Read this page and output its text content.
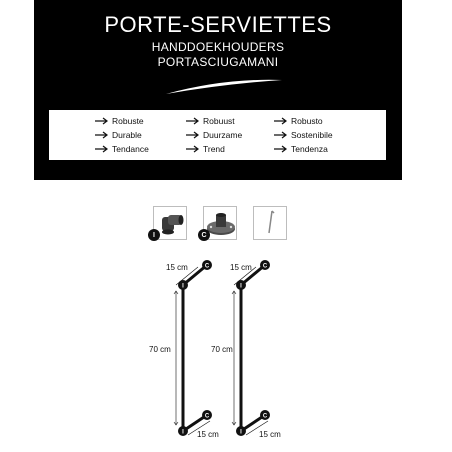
PORTE-SERVIETTES
HANDDOEKHOUDERS
PORTASCIUGAMANI
Robuste
Durable
Tendance
Robuust
Duurzame
Trend
Robusto
Sostenibile
Tendenza
I	C
C
I
C
I
15 cm
70 cm
15 cm
C
I
C
I
15 cm
70 cm
15 cm
